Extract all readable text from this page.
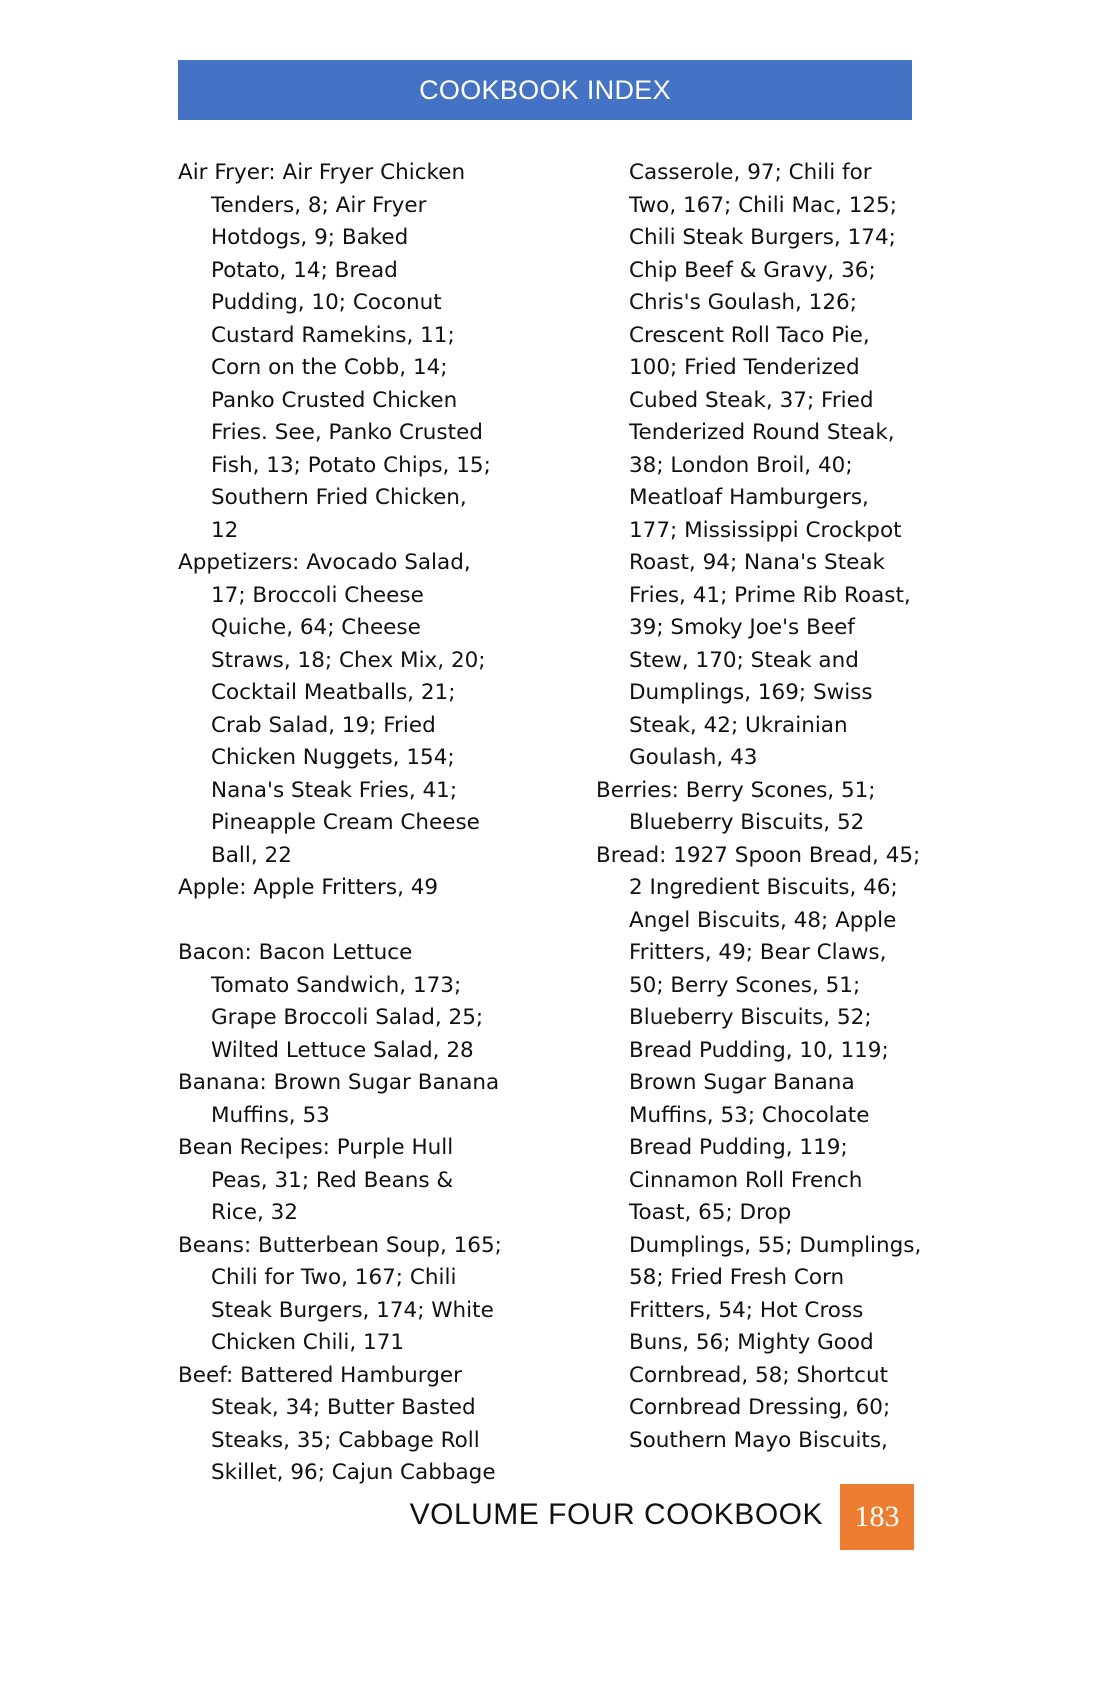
COOKBOOK INDEX
Air Fryer: Air Fryer Chicken
Tenders, 8; Air Fryer
Hotdogs, 9; Baked
Potato, 14; Bread
Pudding, 10; Coconut
Custard Ramekins, 11;
Corn on the Cobb, 14;
Panko Crusted Chicken
Fries. See, Panko Crusted
Fish, 13; Potato Chips, 15;
Southern Fried Chicken,
12
Appetizers: Avocado Salad,
17; Broccoli Cheese
Quiche, 64; Cheese
Straws, 18; Chex Mix, 20;
Cocktail Meatballs, 21;
Crab Salad, 19; Fried
Chicken Nuggets, 154;
Nana's Steak Fries, 41;
Pineapple Cream Cheese
Ball, 22
Apple: Apple Fritters, 49
Bacon: Bacon Lettuce
Tomato Sandwich, 173;
Grape Broccoli Salad, 25;
Wilted Lettuce Salad, 28
Banana: Brown Sugar Banana
Muffins, 53
Bean Recipes: Purple Hull
Peas, 31; Red Beans &
Rice, 32
Beans: Butterbean Soup, 165;
Chili for Two, 167; Chili
Steak Burgers, 174; White
Chicken Chili, 171
Beef: Battered Hamburger
Steak, 34; Butter Basted
Steaks, 35; Cabbage Roll
Skillet, 96; Cajun Cabbage
Casserole, 97; Chili for
Two, 167; Chili Mac, 125;
Chili Steak Burgers, 174;
Chip Beef & Gravy, 36;
Chris's Goulash, 126;
Crescent Roll Taco Pie,
100; Fried Tenderized
Cubed Steak, 37; Fried
Tenderized Round Steak,
38; London Broil, 40;
Meatloaf Hamburgers,
177; Mississippi Crockpot
Roast, 94; Nana's Steak
Fries, 41; Prime Rib Roast,
39; Smoky Joe's Beef
Stew, 170; Steak and
Dumplings, 169; Swiss
Steak, 42; Ukrainian
Goulash, 43
Berries: Berry Scones, 51;
Blueberry Biscuits, 52
Bread: 1927 Spoon Bread, 45;
2 Ingredient Biscuits, 46;
Angel Biscuits, 48; Apple
Fritters, 49; Bear Claws,
50; Berry Scones, 51;
Blueberry Biscuits, 52;
Bread Pudding, 10, 119;
Brown Sugar Banana
Muffins, 53; Chocolate
Bread Pudding, 119;
Cinnamon Roll French
Toast, 65; Drop
Dumplings, 55; Dumplings,
58; Fried Fresh Corn
Fritters, 54; Hot Cross
Buns, 56; Mighty Good
Cornbread, 58; Shortcut
Cornbread Dressing, 60;
Southern Mayo Biscuits,
VOLUME FOUR COOKBOOK 183
